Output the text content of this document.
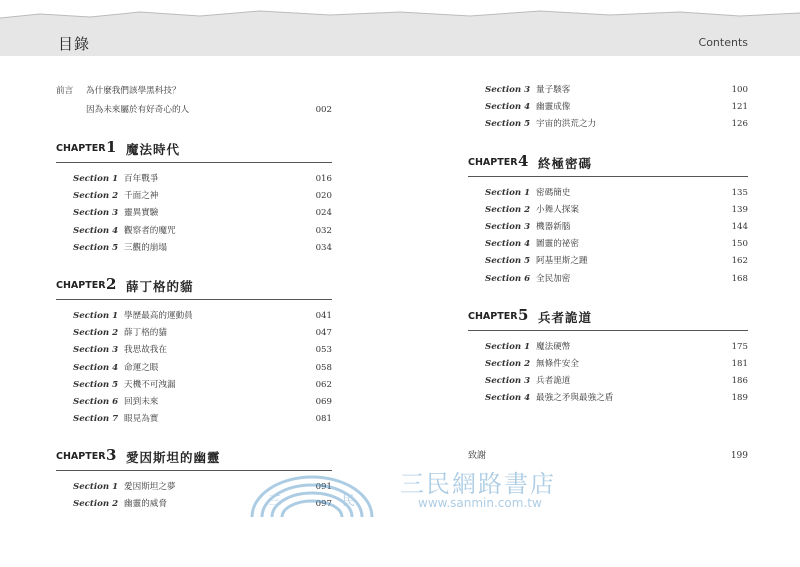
目錄	Contents
前言 為什麼我們該學黑科技？
因為未來屬於有好奇心的人	002
CHAPTER 1 魔法時代
Section 1 百年戰爭	016
Section 2 千面之神	020
Section 3 靈異實驗	024
Section 4 觀察者的魔咒	032
Section 5 三觀的崩塌	034
CHAPTER 2 薛丁格的貓
Section 1 學歷最高的運動員	041
Section 2 薛丁格的貓	047
Section 3 我思故我在	053
Section 4 命運之眼	058
Section 5 天機不可洩漏	062
Section 6 回到未來	069
Section 7 眼見為實	081
CHAPTER 3 愛因斯坦的幽靈
Section 1 愛因斯坦之夢	091
Section 2 幽靈的威脅	097
Section 3 量子駭客	100
Section 4 幽靈成像	121
Section 5 宇宙的洪荒之力	126
CHAPTER 4 終極密碼
Section 1 密碼簡史	135
Section 2 小舞人探案	139
Section 3 機器新腦	144
Section 4 圖靈的祕密	150
Section 5 阿基里斯之踵	162
Section 6 全民加密	168
CHAPTER 5 兵者詭道
Section 1 魔法硬幣	175
Section 2 無條件安全	181
Section 3 兵者詭道	186
Section 4 最強之矛與最強之盾	189
致謝	199
三	民
三民網路書店
www.sanmin.com.tw
